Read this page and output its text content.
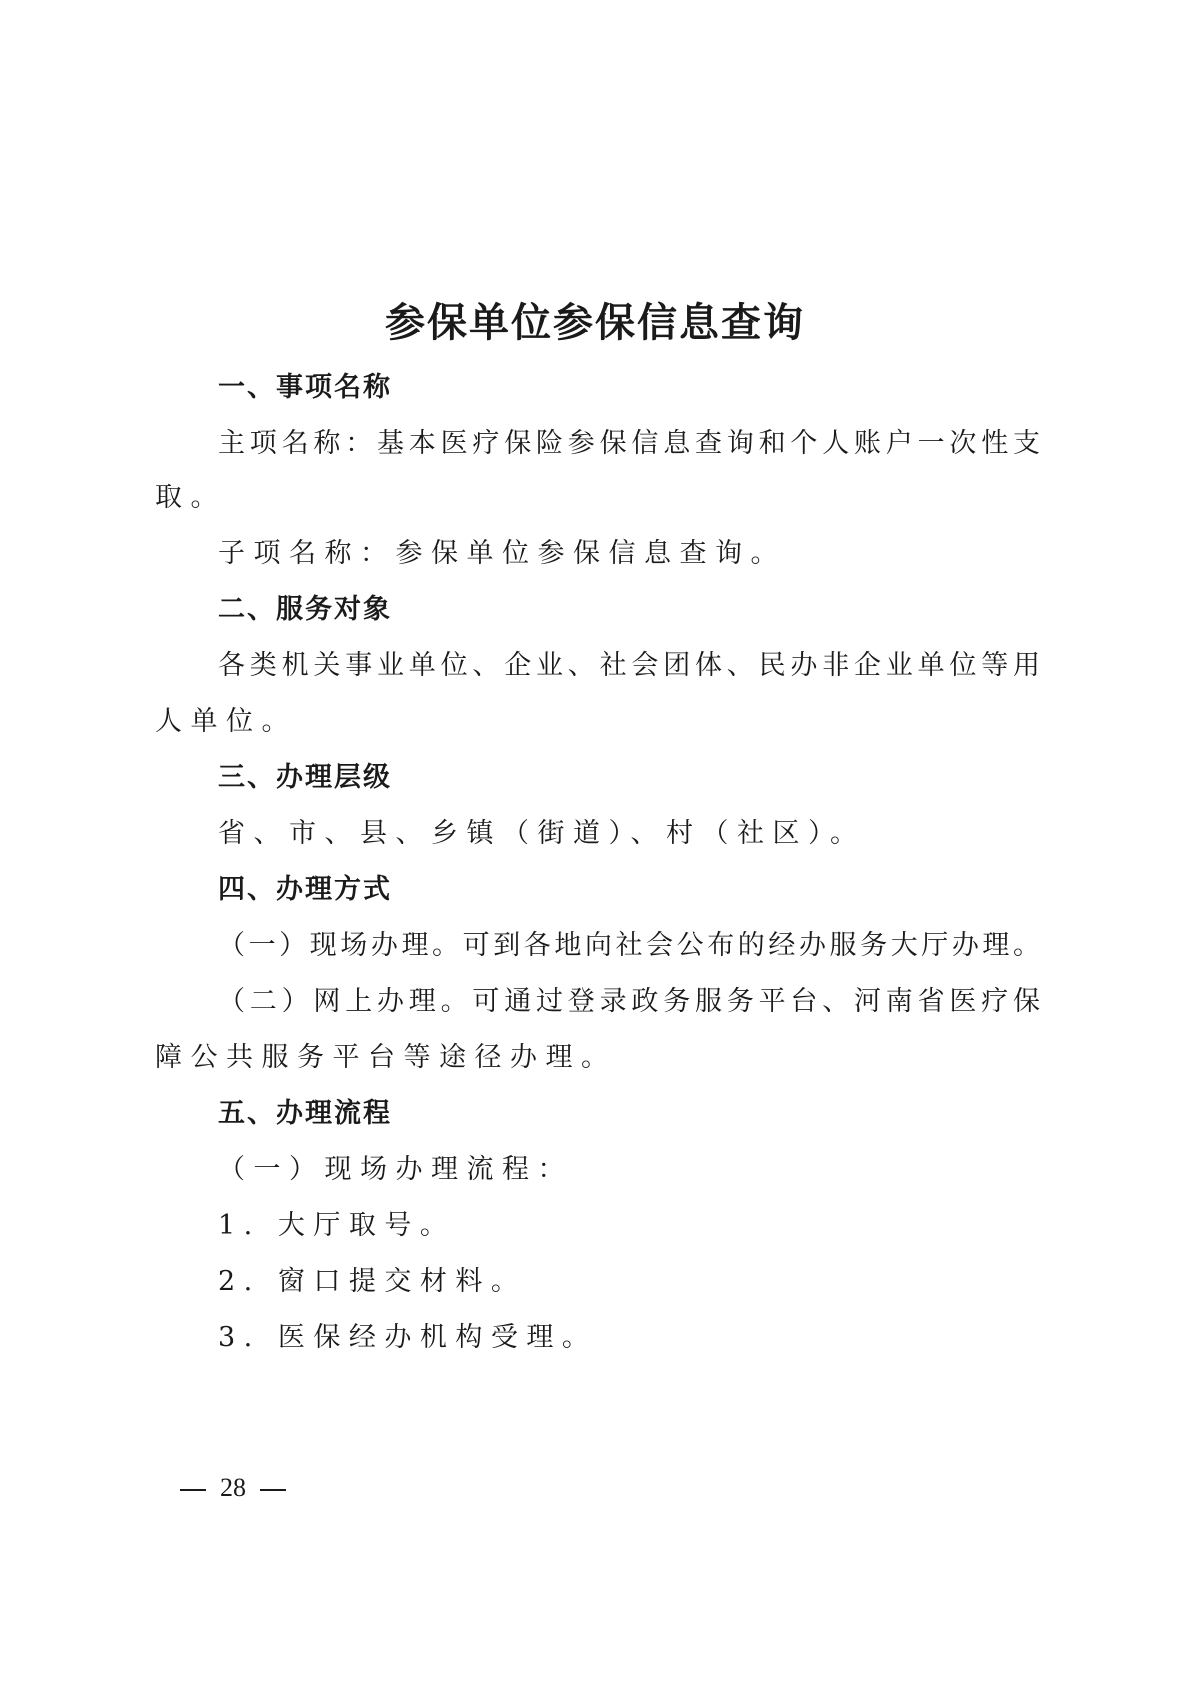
参保单位参保信息查询
一、事项名称
主项名称：基本医疗保险参保信息查询和个人账户一次性支
取。
子项名称：参保单位参保信息查询。
二、服务对象
各类机关事业单位、企业、社会团体、民办非企业单位等用
人单位。
三、办理层级
省、市、县、乡镇（街道）、村（社区）。
四、办理方式
（一）现场办理。可到各地向社会公布的经办服务大厅办理。
（二）网上办理。可通过登录政务服务平台、河南省医疗保
障公共服务平台等途径办理。
五、办理流程
（一）现场办理流程：
1. 大厅取号。
2. 窗口提交材料。
3. 医保经办机构受理。
28
